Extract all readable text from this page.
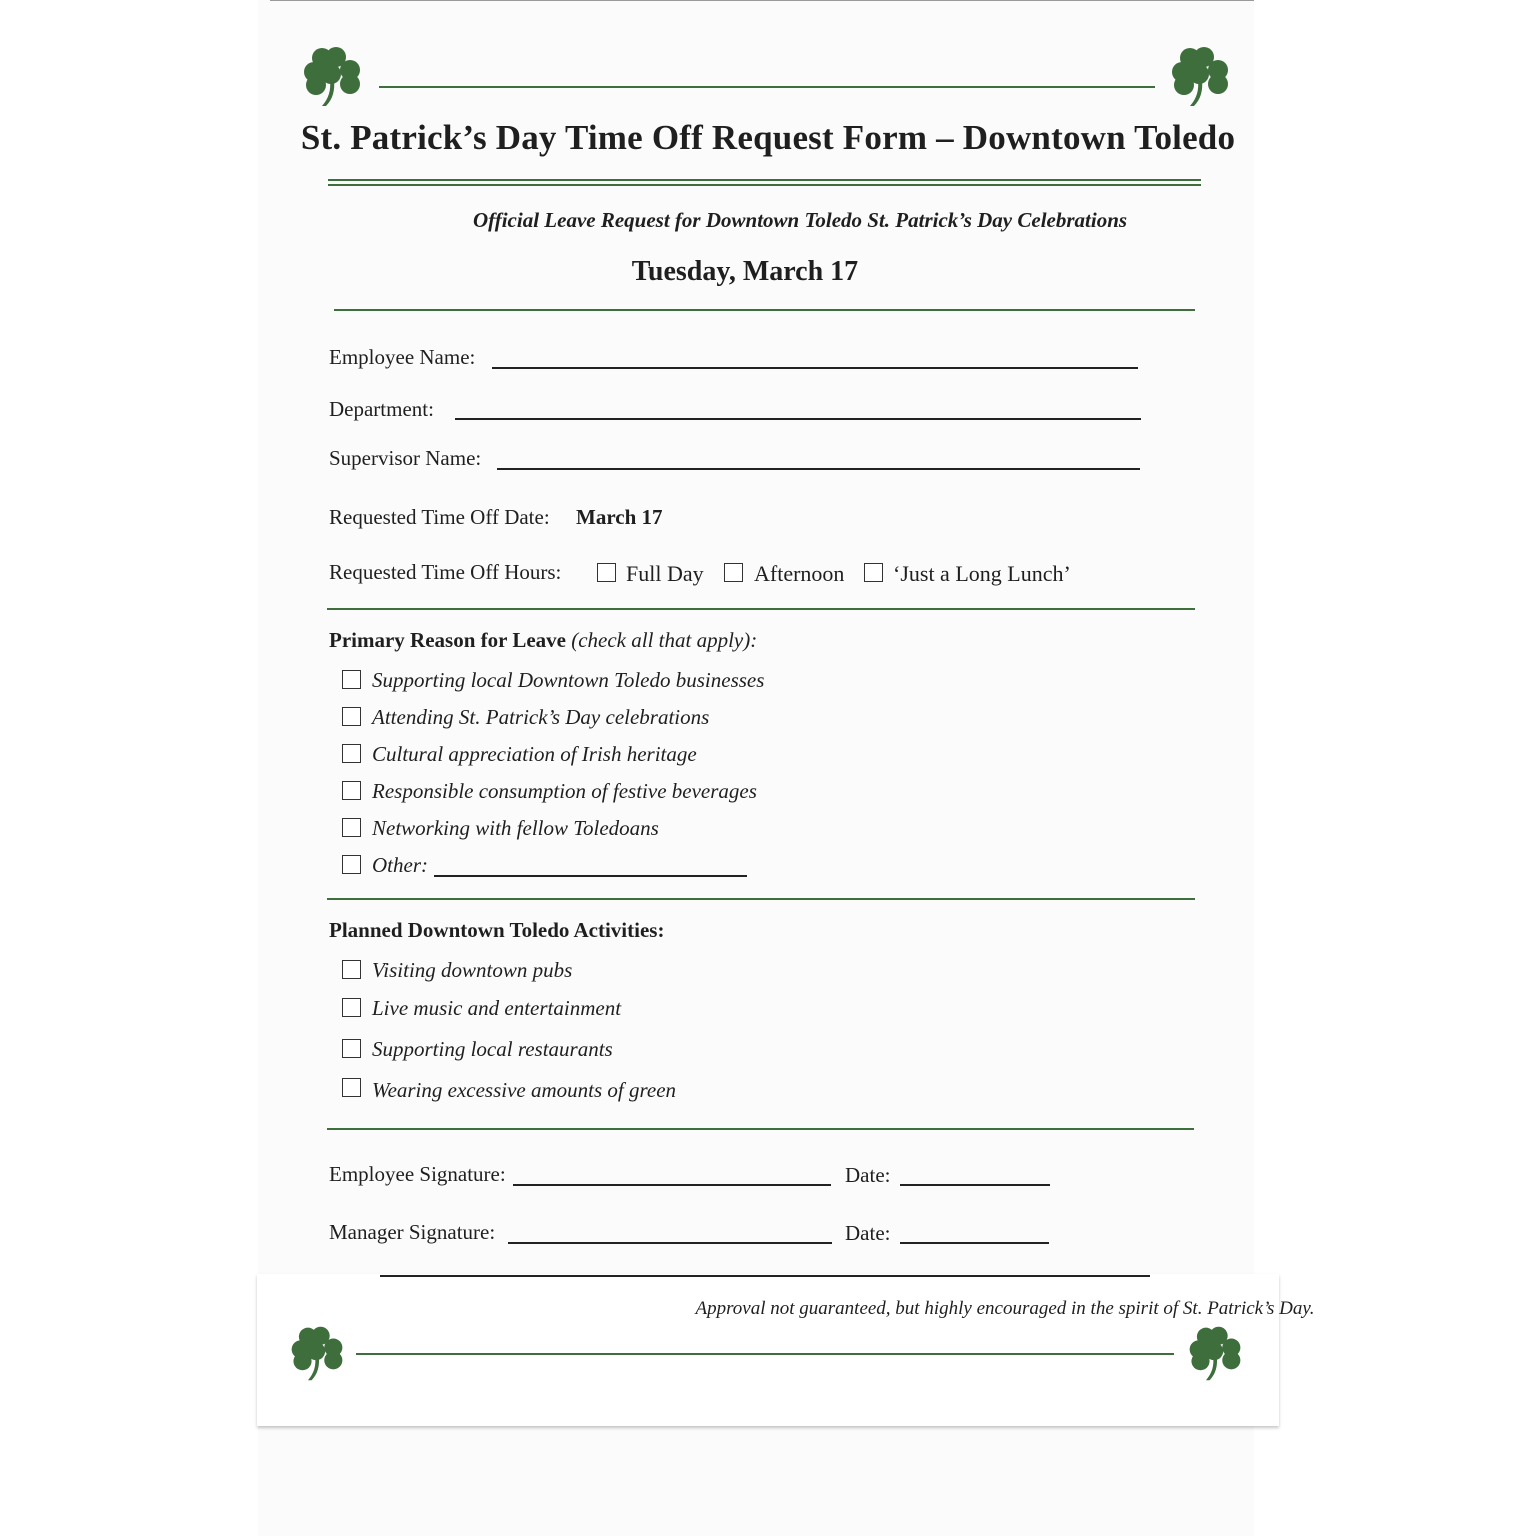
St. Patrick’s Day Time Off Request Form – Downtown Toledo
Official Leave Request for Downtown Toledo St. Patrick’s Day Celebrations
Tuesday, March 17
Employee Name:
Department:
Supervisor Name:
Requested Time Off Date: March 17
Requested Time Off Hours:	Full Day Afternoon ‘Just a Long Lunch’
Primary Reason for Leave (check all that apply):
Supporting local Downtown Toledo businesses
Attending St. Patrick’s Day celebrations
Cultural appreciation of Irish heritage
Responsible consumption of festive beverages
Networking with fellow Toledoans
Other:
Planned Downtown Toledo Activities:
Visiting downtown pubs
Live music and entertainment
Supporting local restaurants
Wearing excessive amounts of green
Employee Signature:	Date:
Manager Signature:	Date:
Approval not guaranteed, but highly encouraged in the spirit of St. Patrick’s Day.
